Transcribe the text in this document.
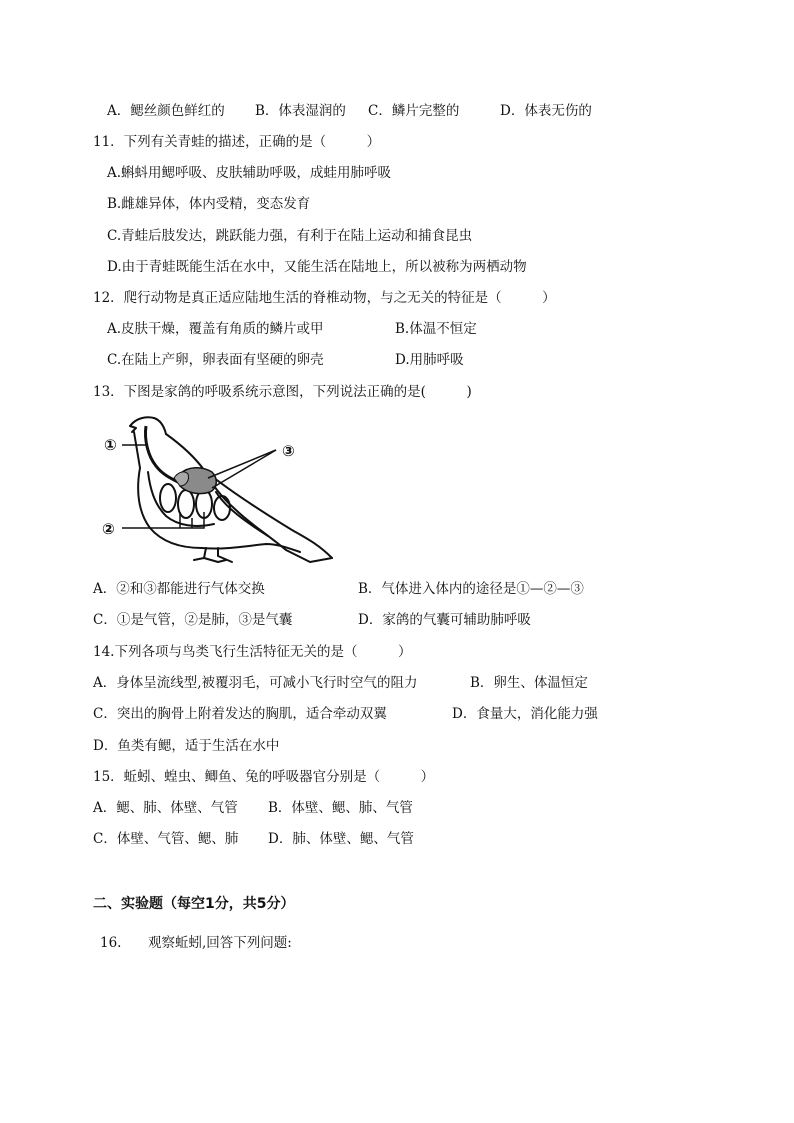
A．鳃丝颜色鲜红的 B．体表湿润的 C．鳞片完整的	D．体表无伤的
11．下列有关青蛙的描述，正确的是（　　　）
A.蝌蚪用鳃呼吸、皮肤辅助呼吸，成蛙用肺呼吸
B.雌雄异体，体内受精，变态发育
C.青蛙后肢发达，跳跃能力强，有利于在陆上运动和捕食昆虫
D.由于青蛙既能生活在水中，又能生活在陆地上，所以被称为两栖动物
12．爬行动物是真正适应陆地生活的脊椎动物，与之无关的特征是（　　　）
A.皮肤干燥，覆盖有角质的鳞片或甲	B.体温不恒定
C.在陆上产卵，卵表面有坚硬的卵壳	D.用肺呼吸
13．下图是家鸽的呼吸系统示意图，下列说法正确的是(　　　)
①
②
③
A．②和③都能进行气体交换	B．气体进入体内的途径是①—②—③
C．①是气管，②是肺，③是气囊	D．家鸽的气囊可辅助肺呼吸
14.下列各项与鸟类飞行生活特征无关的是（　　　）
A．身体呈流线型,被覆羽毛，可减小飞行时空气的阻力	B．卵生、体温恒定
C．突出的胸骨上附着发达的胸肌，适合牵动双翼	D．食量大，消化能力强
D．鱼类有鳃，适于生活在水中
15．蚯蚓、蝗虫、鲫鱼、兔的呼吸器官分别是（　　　）
A．鳃、肺、体壁、气管 B．体壁、鳃、肺、气管
C．体壁、气管、鳃、肺 D．肺、体壁、鳃、气管
二、实验题（每空1分，共5分）
16. 观察蚯蚓,回答下列问题:
